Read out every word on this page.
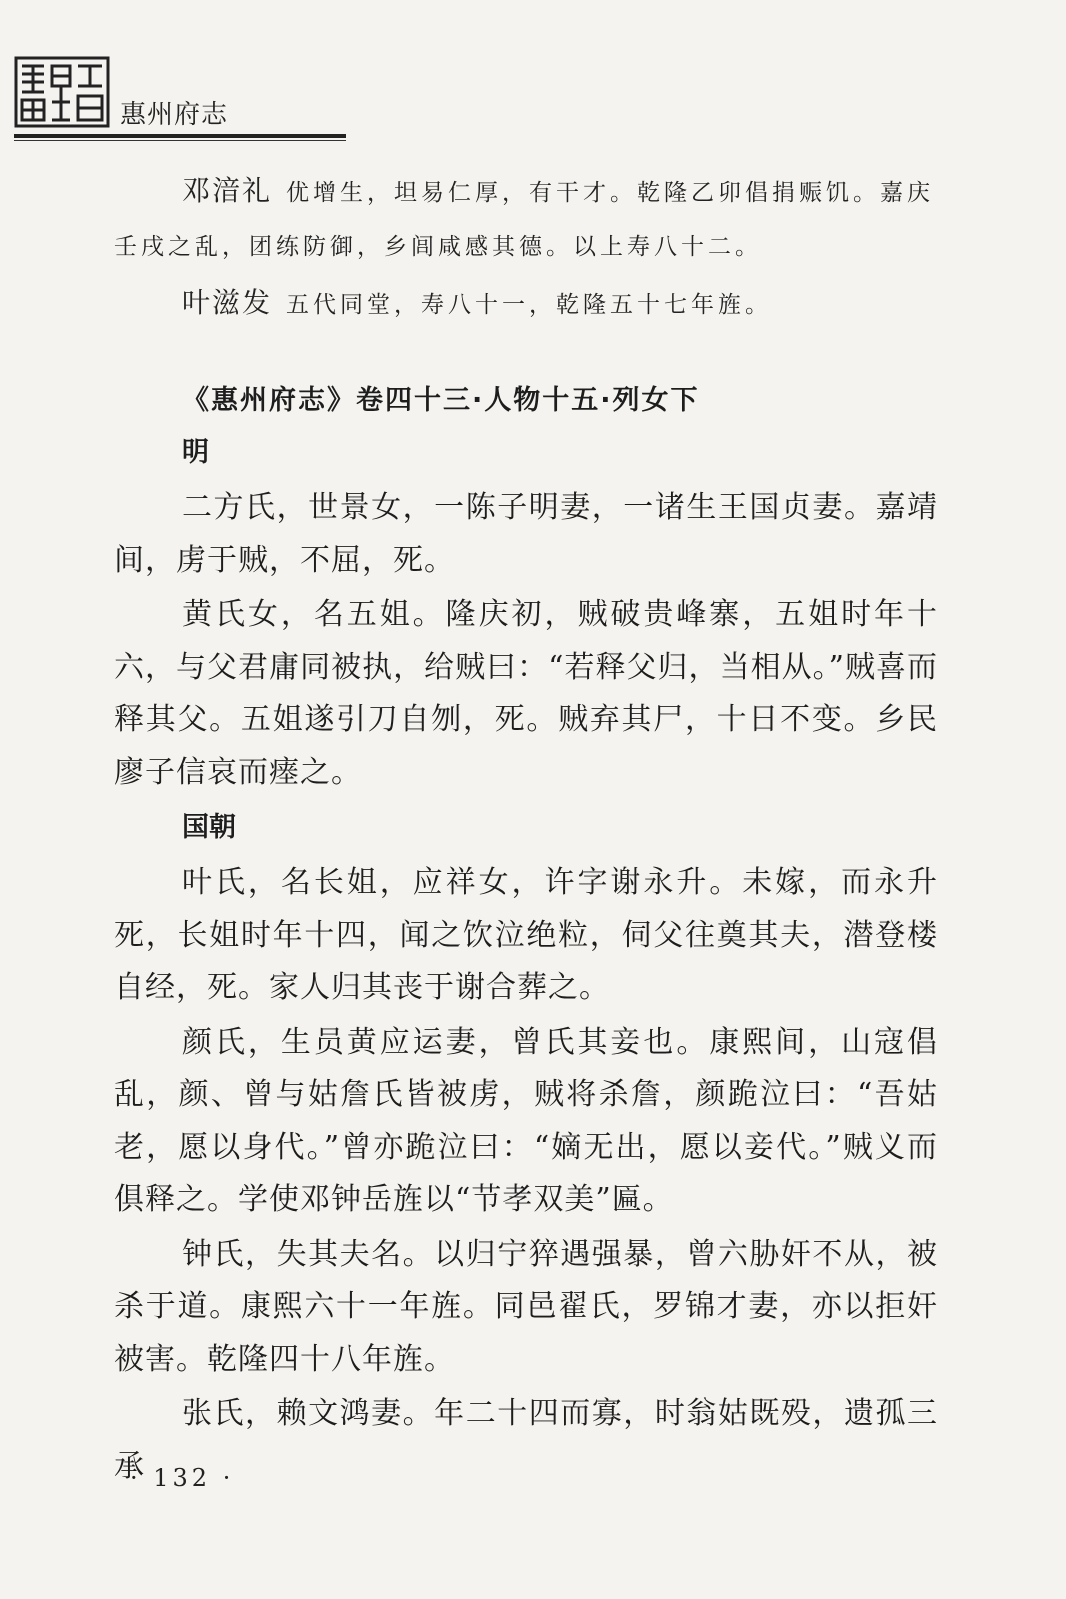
惠州府志
邓湆礼 优增生，坦易仁厚，有干才。乾隆乙卯倡捐赈饥。嘉庆壬戌之乱，团练防御，乡闾咸感其德。以上寿八十二。
叶滋发 五代同堂，寿八十一，乾隆五十七年旌。
《惠州府志》卷四十三·人物十五·列女下
明

二方氏，世景女，一陈子明妻，一诸生王国贞妻。嘉靖间，虏于贼，不屈，死。

黄氏女，名五姐。隆庆初，贼破贵峰寨，五姐时年十六，与父君庸同被执，给贼曰：“若释父归，当相从。”贼喜而释其父。五姐遂引刀自刎，死。贼弃其尸，十日不变。乡民廖子信哀而瘗之。

国朝

叶氏，名长姐，应祥女，许字谢永升。未嫁，而永升死，长姐时年十四，闻之饮泣绝粒，伺父往奠其夫，潜登楼自经，死。家人归其丧于谢合葬之。

颜氏，生员黄应运妻，曾氏其妾也。康熙间，山寇倡乱，颜、曾与姑詹氏皆被虏，贼将杀詹，颜跪泣曰：“吾姑老，愿以身代。”曾亦跪泣曰：“嫡无出，愿以妾代。”贼义而俱释之。学使邓钟岳旌以“节孝双美”匾。

钟氏，失其夫名。以归宁猝遇强暴，曾六胁奸不从，被杀于道。康熙六十一年旌。同邑翟氏，罗锦才妻，亦以拒奸被害。乾隆四十八年旌。

张氏，赖文鸿妻。年二十四而寡，时翁姑既殁，遗孤三承

· 132 ·
